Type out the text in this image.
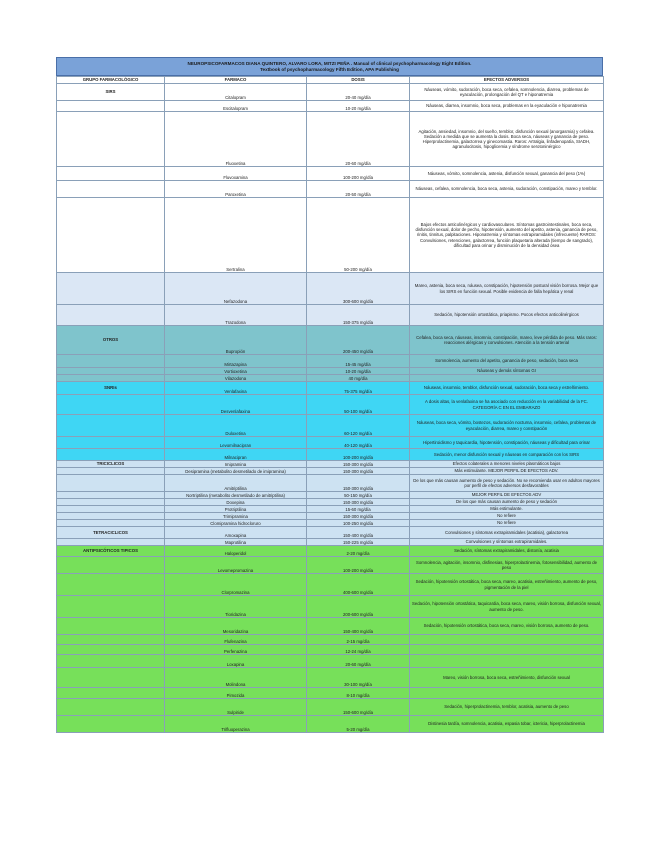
NEUROPSICOFARMACOS DIANA QUINTERO, ALVARO LORA, MITZI PEÑA . Manual of clinical psychopharmacology Eight Edition.
Textbook of psychopharmacology Fifth Edition, APA Publishing
GRUPO FARMACOLÓGICO	FARMACO	DOSIS	EFECTOS ADVERSOS
SIRS	Citalopram	20-40 mg/día	Náuseas, vómito, sudoración, boca seca, cefalea, somnolencia, diarrea, problemas de eyaculación, prolongación del QT e hiponatremia
	Escitalopram	10-20 mg/día	Náuseas, diarrea, insomnio, boca seca, problemas en la eyaculación e hiponatremia
	Fluoxetina	20-60 mg/día	Agitación, ansiedad, insomnio, del sueño, temblor, disfunción sexual (anorgasmia) y cefalea. Sedación a medida que se aumenta la dosis. Boca seca, náuseas y ganancia de peso. Hiperprolactinemia, galactorrea y ginecomastia. Raros: Artralgia, linfadenopatía, SIADH, agranulocitosis, hipoglicemia y síndrome serotoninérgico
	Fluvoxamina	100-200 mg/día	Náuseas, vómito, somnolencia, astenia, disfunción sexual, ganancia del peso (1%)
	Paroxetina	20-50 mg/día	Náuseas, cefalea, somnolencia, boca seca, astenia, sudoración, constipación, mareo y temblor.
	Sertralina	50-200 mg/día	Bajos efectos anticolinérgicos y cardiovasculares. Síntomas gastrointestinales, boca seca, disfunción sexual, dolor de pecho, hipotensión, aumento del apetito, astenia, ganancia de peso, rinitis, tinnitus, palpitaciones. Hiponatremia y síntomas extrapiramidales (infrecuente) RAROS: Convulsiones, retenciones, galactorrea, función plaquetaria alterada (tiempo de sangrado), dificultad para orinar y disminución de la densidad ósea
	Nefazodona	300-600 mg/día	Mareo, astenia, boca seca, náusea, constipación, hipotensión postural visión borrosa. Mejor que los SIRS en función sexual. Posible evidencia de falla hepática y renal
	Trazodona	150-375 mg/día	Sedación, hipotensión ortostática, priapismo. Pocos efectos anticolinérgicos
OTROS	Bupropión	200-450 mg/día	Cefalea, boca seca, náuseas, insomnio, constipación, mareo, leve pérdida de peso. Más raros: reacciones alérgicas y convulsiones. Atención a la tensión arterial
	Mirtazapina	15-45 mg/día	Somnolencia, aumento del apetito, ganancia de peso, sedación, boca seca
	Vortioxetina	10-20 mg/día	Náuseas y demás síntomas GI
	Vilazodona	40 mg/día	
SNRIs	Venlafaxina	75-375 mg/día	Náuseas, insomnio, temblor, disfunción sexual, sudoración, boca seca y estreñimiento.
	Desvenlafaxina	50-100 mg/día	A dosis altas, la venlafaxina se ha asociado con reducción en la variabilidad de la FC. CATEGORÍA C EN EL EMBARAZO
	Duloxetina	60-120 mg/día	Náuseas, boca seca, vómito, bostezos, sudoración nocturna, insomnio, cefalea, problemas de eyaculación, diarrea, mareo y constipación
	Levomilnacipran	40-120 mg/día	Hipertiroidismo y taquicardia, hipotensión, constipación, náuseas y dificultad para orinar
	Milnacipran	100-200 mg/día	Sedación, menor disfunción sexual y náuseas en comparación con los SIRS
TRICICLICOS	Imipramina	150-300 mg/día	Efectos colaterales a menores niveles plasmáticos bajos
	Desipramina (metabolito desmetilado de imipramina)	150-300 mg/día	Más estimulante. MEJOR PERFIL DE EFECTOS ADV.
	Amitriptilina	150-300 mg/día	De los que más causan aumento de peso y sedación. No se recomienda usar en adultos mayores por perfil de efectos adversos desfavorables
	Nortriptilina (metabolito desmetilado de amitriptilina)	50-150 mg/día	MEJOR PERFIL DE EFECTOS ADV
	Doxepina	150-300 mg/día	De los que más causan aumento de peso y sedación
	Protriptilina	15-60 mg/día	Más estimulante.
	Trimipramina	150-300 mg/día	No refiere
	Clomipramina hidroclorurо	100-250 mg/día	No refiere
TETRACICLICOS	Amoxapina	150-400 mg/día	Convulsiones y síntomas extrapiramidales (acatisia), galactorrea
	Maprotilina	150-225 mg/día	Convulsiones y síntomas extrapiramidales.
ANTIPSICÓTICOS TIPICOS	Haloperidol	2-20 mg/día	Sedación, síntomas extrapiramidales, distonía, acatisia
	Levomepromazina	100-200 mg/día	Somnolencia, agitación, insomnio, disfinesias, hiperprolactinemia, fotosensibilidad, aumento de peso
	Clorpromazina	400-600 mg/día	Sedación, hipotensión ortostática, boca seca, mareo, acatisia, estreñimiento, aumento de peso, pigmentación de la piel
	Tioridazina	200-600 mg/día	Sedación, hipotensión ortostática, taquicardia, boca seca, mareo, visión borrosa, disfunción sexual, aumento de peso.
	Mesoridazina	150-400 mg/día	Sedación, hipotensión ortostática, boca seca, mareo, visión borrosa, aumento de peso.
	Flufenazina	2-15 mg/día	
	Perfenazina	12-24 mg/día	
	Loxapina	20-60 mg/día	
	Molindona	30-100 mg/día	Mareo, visión borrosa, boca seca, estreñimiento, disfunción sexual
	Pimozida	8-10 mg/día	
	Sulpiride	150-600 mg/día	Sedación, hiperprolactinemia, temblor, acatisia, aumento de peso
	Trifluoperazina	5-20 mg/día	Distinesia tardía, somnolencia, acatisia, espasia tobar, ictericia, hiperprolactinemia
